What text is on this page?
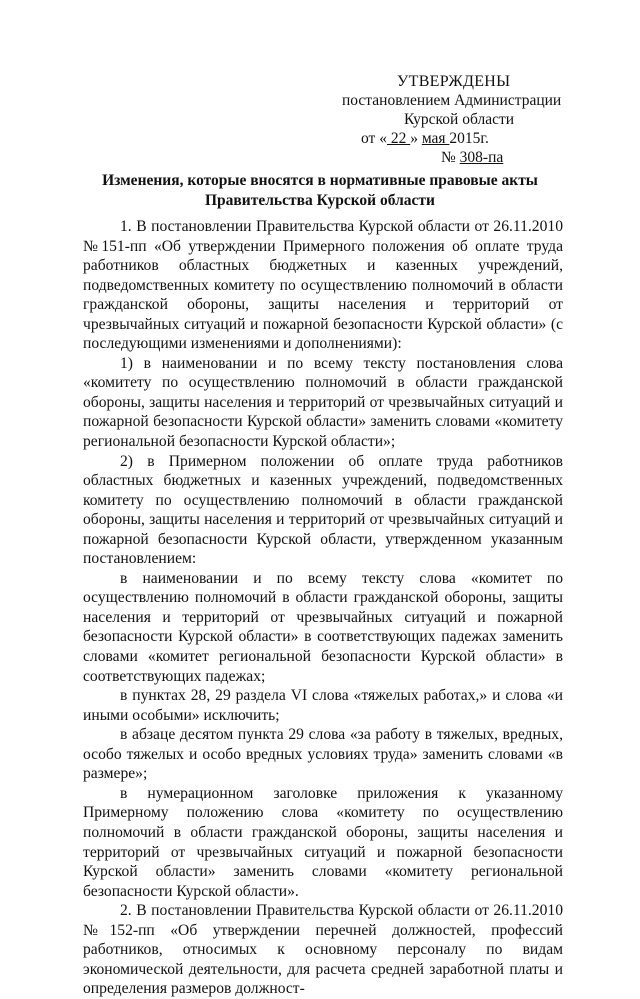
УТВЕРЖДЕНЫ
постановлением Администрации
Курской области
от « 22 » мая 2015г.
№ 308-па
Изменения, которые вносятся в нормативные правовые акты
Правительства Курской области

1. В постановлении Правительства Курской области от 26.11.2010 №151-пп «Об утверждении Примерного положения об оплате труда работников областных бюджетных и казенных учреждений, подведомственных комитету по осуществлению полномочий в области гражданской обороны, защиты населения и территорий от чрезвычайных ситуаций и пожарной безопасности Курской области» (с последующими изменениями и дополнениями):

1) в наименовании и по всему тексту постановления слова «комитету по осуществлению полномочий в области гражданской обороны, защиты населения и территорий от чрезвычайных ситуаций и пожарной безопасности Курской области» заменить словами «комитету региональной безопасности Курской области»;

2) в Примерном положении об оплате труда работников областных бюджетных и казенных учреждений, подведомственных комитету по осуществлению полномочий в области гражданской обороны, защиты населения и территорий от чрезвычайных ситуаций и пожарной безопасности Курской области, утвержденном указанным постановлением:

в наименовании и по всему тексту слова «комитет по осуществлению полномочий в области гражданской обороны, защиты населения и территорий от чрезвычайных ситуаций и пожарной безопасности Курской области» в соответствующих падежах заменить словами «комитет региональной безопасности Курской области» в соответствующих падежах;

в пунктах 28, 29 раздела VI слова «тяжелых работах,» и слова «и иными особыми» исключить;

в абзаце десятом пункта 29 слова «за работу в тяжелых, вредных, особо тяжелых и особо вредных условиях труда» заменить словами «в размере»;

в нумерационном заголовке приложения к указанному Примерному положению слова «комитету по осуществлению полномочий в области гражданской обороны, защиты населения и территорий от чрезвычайных ситуаций и пожарной безопасности Курской области» заменить словами «комитету региональной безопасности Курской области».

2. В постановлении Правительства Курской области от 26.11.2010 №152-пп «Об утверждении перечней должностей, профессий работников, относимых к основному персоналу по видам экономической деятельности, для расчета средней заработной платы и определения размеров должност-
